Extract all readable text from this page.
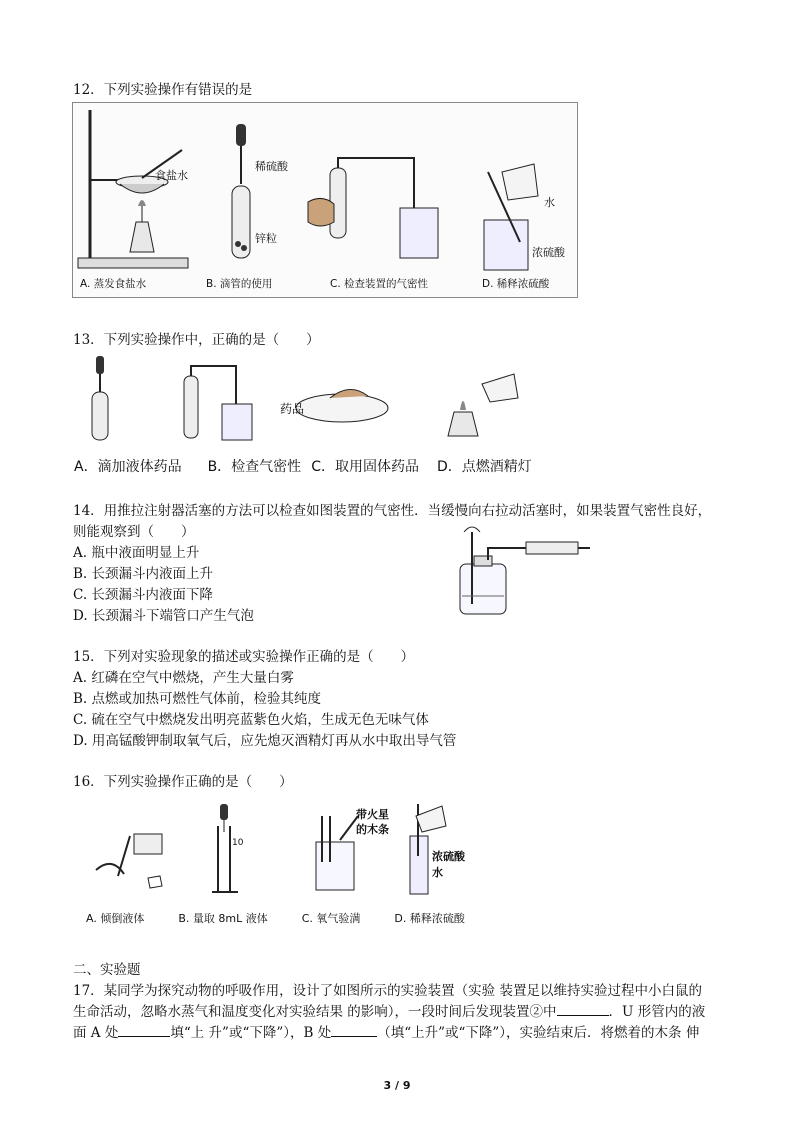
12．下列实验操作有错误的是
食盐水
稀硫酸
锌粒
水
浓硫酸
A. 蒸发食盐水	B. 滴管的使用	C. 检查装置的气密性	D. 稀释浓硫酸
13．下列实验操作中，正确的是（　　）
药品
A．滴加液体药品 B．检查气密性 C．取用固体药品 D．点燃酒精灯
14．用推拉注射器活塞的方法可以检查如图装置的气密性．当缓慢向右拉动活塞时，如果装置气密性良好，
则能观察到（　　）
A. 瓶中液面明显上升
B. 长颈漏斗内液面上升
C. 长颈漏斗内液面下降
D. 长颈漏斗下端管口产生气泡
15．下列对实验现象的描述或实验操作正确的是（　　）
A. 红磷在空气中燃烧，产生大量白雾
B. 点燃或加热可燃性气体前，检验其纯度
C. 硫在空气中燃烧发出明亮蓝紫色火焰，生成无色无味气体
D. 用高锰酸钾制取氧气后，应先熄灭酒精灯再从水中取出导气管
16．下列实验操作正确的是（　　）
10
带火星
的木条
浓硫酸
水
A. 倾倒液体	B. 量取 8mL 液体	C. 氧气验满	D. 稀释浓硫酸
二、实验题
17．某同学为探究动物的呼吸作用，设计了如图所示的实验装置（实验 装置足以维持实验过程中小白鼠的
生命活动，忽略水蒸气和温度变化对实验结果 的影响），一段时间后发现装置②中	．U 形管内的液
面 A 处	填“上 升”或“下降”），B 处	（填“上升”或“下降”），实验结束后．将燃着的木条 伸
3 / 9
